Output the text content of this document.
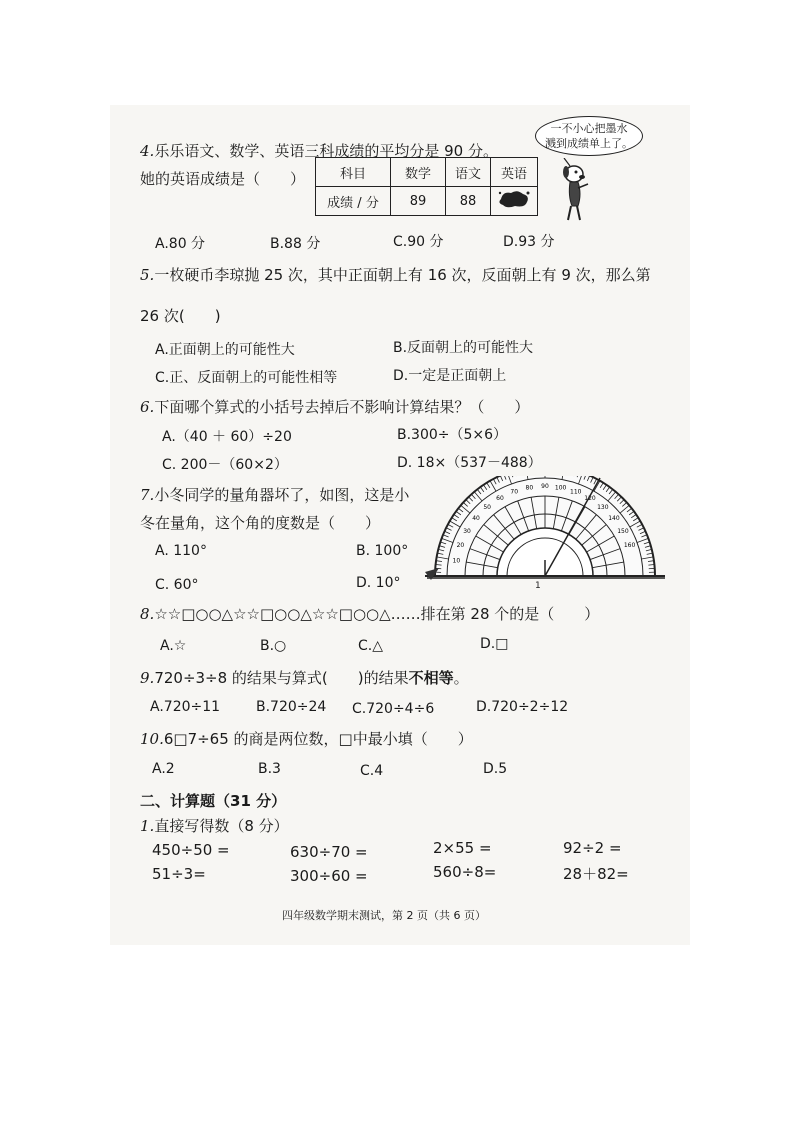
4.乐乐语文、数学、英语三科成绩的平均分是 90 分。
她的英语成绩是（　　）	科目	数学	语文	英语
成绩 / 分	89	88	
一不小心把墨水
溅到成绩单上了。
A.80 分	B.88 分	C.90 分	D.93 分
5.一枚硬币李琼抛 25 次，其中正面朝上有 16 次，反面朝上有 9 次，那么第
26 次(　　)
A.正面朝上的可能性大	B.反面朝上的可能性大
C.正、反面朝上的可能性相等	D.一定是正面朝上
6.下面哪个算式的小括号去掉后不影响计算结果？（　　）
A.（40 ＋ 60）÷20	B.300÷（5×6）
C. 200－（60×2）	D. 18×（537－488）
7.小冬同学的量角器坏了，如图，这是小
冬在量角，这个角的度数是（　　）
A. 110°	B. 100°
C. 60°	D. 10°
10
20
30
40
50
60
70
80 90 100
110
120
130
140
150
160
1
8.☆☆□○○△☆☆□○○△☆☆□○○△……排在第 28 个的是（　　）
A.☆	B.○	C.△	D.□
9.720÷3÷8 的结果与算式(　　)的结果不相等。
A.720÷11	B.720÷24 C.720÷4÷6	D.720÷2÷12
10.6□7÷65 的商是两位数，□中最小填（　　）
A.2	B.3	C.4	D.5
二、计算题（31 分）
1.直接写得数（8 分）
450÷50 =	630÷70 =	2×55 =	92÷2 =
51÷3=	300÷60 =	560÷8=	28＋82=
四年级数学期末测试，第 2 页（共 6 页）
